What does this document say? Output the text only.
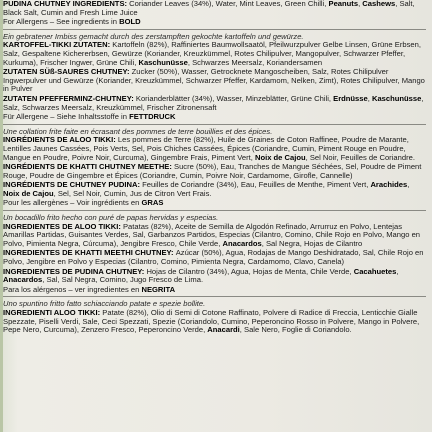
PUDINA CHUTNEY INGREDIENTS: Coriander Leaves (34%), Water, Mint Leaves, Green Chilli, Peanuts, Cashews, Salt, Black Salt, Cumin and Fresh Lime Juice

For Allergens – See ingredients in BOLD

Ein gebratener Imbiss gemacht durch des zerstampften gekochte kartoffeln und gewürze.

KARTOFFEL-TIKKI ZUTATEN: Kartoffeln (82%), Raffiniertes Baumwollsaatöl, Pfeilwurzpulver Gelbe Linsen, Grüne Erbsen, Salz, Gespaltene Kichererbsen, Gewürze (Koriander, Kreuzkümmel, Rotes Chilipulver, Mangopulver, Schwarzer Pfeffer, Kurkuma), Frischer Ingwer, Grüne Chili, Kaschunüsse, Schwarzes Meersalz, Koriandersamen

ZUTATEN SÜß-SAURES CHUTNEY: Zucker (50%), Wasser, Getrocknete Mangoscheiben, Salz, Rotes Chilipulver Ingwerpulver und Gewürze (Koriander, Kreuzkümmel, Schwarzer Pfeffer, Kardamom, Nelken, Zimt), Rotes Chilipulver, Mango in Pulver

ZUTATEN PFEFFERMINZ-CHUTNEY: Korianderblätter (34%), Wasser, Minzeblätter, Grüne Chili, Erdnüsse, Kaschunüsse, Salz, Schwarzes Meersalz, Kreuzkümmel, Frischer Zitronensaft

Für Allergene – Siehe Inhaltsstoffe in FETTDRUCK

Une collation frite faite en écrasant des pommes de terre bouillies et des épices.

INGRÉDIENTS DE ALOO TIKKI: Les pommes de Terre (82%), Huile de Graines de Coton Raffinee, Poudre de Marante, Lentilles Jaunes Cassées, Pois Verts, Sel, Pois Chiches Cassées, Épices (Coriandre, Cumin, Piment Rouge en Poudre, Mangue en Poudre, Poivre Noir, Curcuma), Gingembre Frais, Piment Vert, Noix de Cajou, Sel Noir, Feuilles de Coriandre.

INGRÉDIENTS DE KHATTI CHUTNEY MEETHE: Sucre (50%), Eau, Tranches de Mangue Séchées, Sel, Poudre de Piment Rouge, Poudre de Gingembre et Épices (Coriandre, Cumin, Poivre Noir, Cardamome, Girofle, Cannelle)

INGRÉDIENTS DE CHUTNEY PUDINA: Feuilles de Coriandre (34%), Eau, Feuilles de Menthe, Piment Vert, Arachides, Noix de Cajou, Sel, Sel Noir, Cumin, Jus de Citron Vert Frais.

Pour les allergènes – Voir ingrédients en GRAS

Un bocadillo frito hecho con puré de papas hervidas y especias.

INGREDIENTES DE ALOO TIKKI: Patatas (82%), Aceite de Semilla de Algodón Refinado, Arrurruz en Polvo, Lentejas Amarillas Partidas, Guisantes Verdes, Sal, Garbanzos Partidos, Especias (Cilantro, Comino, Chile Rojo en Polvo, Mango en Polvo, Pimienta Negra, Cúrcuma), Jengibre Fresco, Chile Verde, Anacardos, Sal Negra, Hojas de Cilantro

INGREDIENTES DE KHATTI MEETHI CHUTNEY: Azúcar (50%), Agua, Rodajas de Mango Deshidratado, Sal, Chile Rojo en Polvo, Jengibre en Polvo y Especias (Cilantro, Comino, Pimienta Negra, Cardamomo, Clavo, Canela)

INGREDIENTES DE PUDINA CHUTNEY: Hojas de Cilantro (34%), Agua, Hojas de Menta, Chile Verde, Cacahuetes, Anacardos, Sal, Sal Negra, Comino, Jugo Fresco de Lima.

Para los alérgenos – ver ingredientes en NEGRITA

Uno spuntino fritto fatto schiacciando patate e spezie bollite.

INGREDIENTI ALOO TIKKI: Patate (82%), Olio di Semi di Cotone Raffinato, Polvere di Radice di Freccia, Lenticchie Gialle Spezzate, Piselli Verdi, Sale, Ceci Spezzati, Spezie (Coriandolo, Cumino, Peperoncino Rosso in Polvere, Mango in Polvere, Pepe Nero, Curcuma), Zenzero Fresco, Peperoncino Verde, Anacardi, Sale Nero, Foglie di Coriandolo.
